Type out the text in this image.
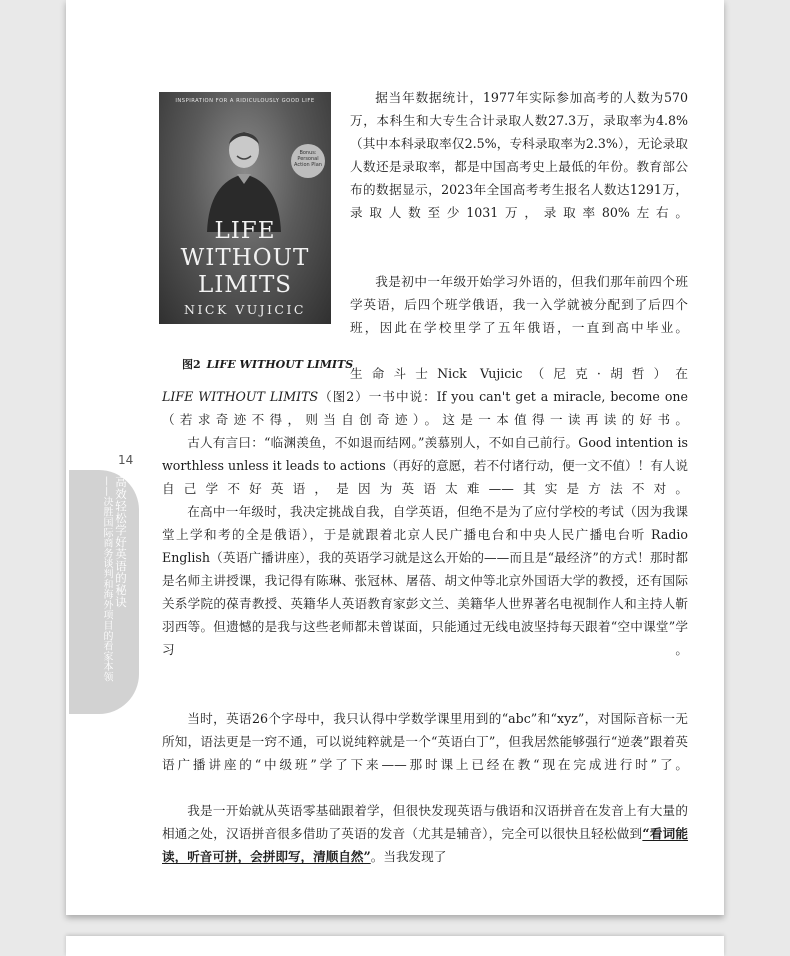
INSPIRATION FOR A RIDICULOUSLY GOOD LIFE
Bonus: Personal Action Plan
LIFE
WITHOUT
LIMITS
NICK VUJICIC
图2 LIFE WITHOUT LIMITS
据当年数据统计，1977年实际参加高考的人数为570万，本科生和大专生合计录取人数27.3万，录取率为4.8%（其中本科录取率仅2.5%，专科录取率为2.3%），无论录取人数还是录取率，都是中国高考史上最低的年份。教育部公布的数据显示，2023年全国高考考生报名人数达1291万，录取人数至少1031万，录取率80%左右。
我是初中一年级开始学习外语的，但我们那年前四个班学英语，后四个班学俄语，我一入学就被分配到了后四个班，因此在学校里学了五年俄语，一直到高中毕业。
生命斗士Nick Vujicic（尼克·胡哲）在
LIFE WITHOUT LIMITS（图2）一书中说：If you can't get a miracle, become one（若求奇迹不得，则当自创奇迹）。这是一本值得一读再读的好书。
古人有言曰：“临渊羡鱼，不如退而结网。”羡慕别人，不如自己前行。Good intention is worthless unless it leads to actions（再好的意愿，若不付诸行动，便一文不值）！有人说自己学不好英语，是因为英语太难——其实是方法不对。
在高中一年级时，我决定挑战自我，自学英语，但绝不是为了应付学校的考试（因为我课堂上学和考的全是俄语），于是就跟着北京人民广播电台和中央人民广播电台听 Radio English（英语广播讲座），我的英语学习就是这么开始的——而且是“最经济”的方式！那时都是名师主讲授课，我记得有陈琳、张冠林、屠蓓、胡文仲等北京外国语大学的教授，还有国际关系学院的葆青教授、英籍华人英语教育家彭文兰、美籍华人世界著名电视制作人和主持人靳羽西等。但遗憾的是我与这些老师都未曾谋面，只能通过无线电波坚持每天跟着“空中课堂”学习。
当时，英语26个字母中，我只认得中学数学课里用到的“abc”和“xyz”，对国际音标一无所知，语法更是一窍不通，可以说纯粹就是一个“英语白丁”，但我居然能够强行“逆袭”跟着英语广播讲座的“中级班”学了下来——那时课上已经在教“现在完成进行时”了。
我是一开始就从英语零基础跟着学，但很快发现英语与俄语和汉语拼音在发音上有大量的相通之处，汉语拼音很多借助了英语的发音（尤其是辅音），完全可以很快且轻松做到“看词能读，听音可拼，会拼即写，清顺自然”。当我发现了
14
高效轻松学好英语的秘诀
——决胜国际商务谈判和海外项目的看家本领
